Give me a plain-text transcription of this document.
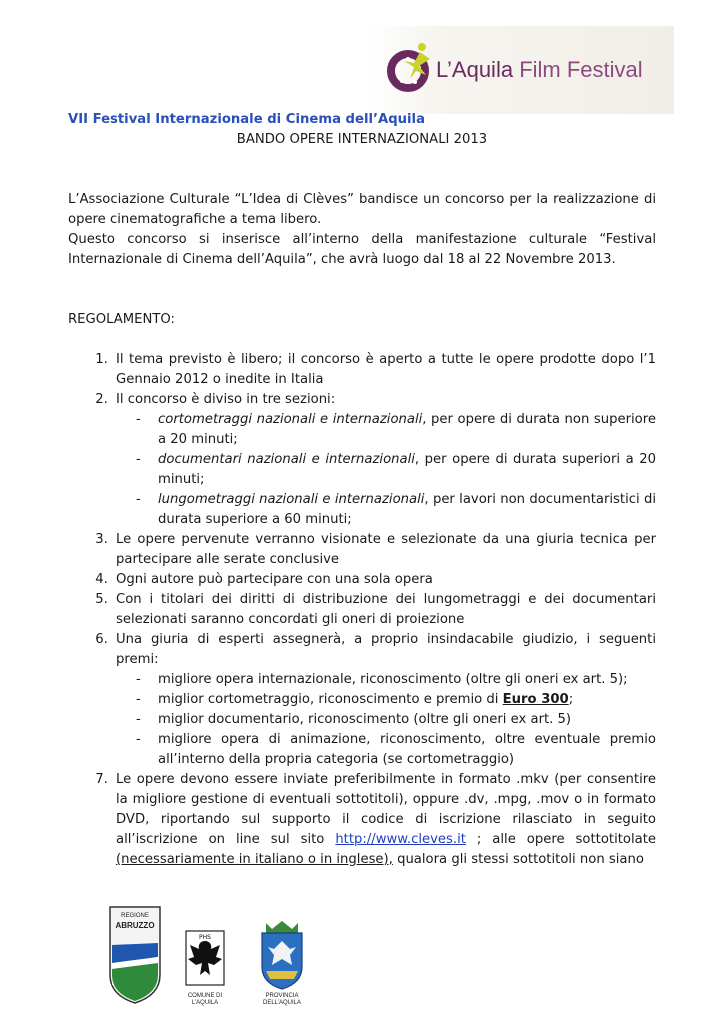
L’Aquila Film Festival
VII Festival Internazionale di Cinema dell’Aquila
BANDO OPERE INTERNAZIONALI 2013
L’Associazione Culturale “L’Idea di Clèves” bandisce un concorso per la realizzazione di opere cinematografiche a tema libero.
Questo concorso si inserisce all’interno della manifestazione culturale “Festival Internazionale di Cinema dell’Aquila”, che avrà luogo dal 18 al 22 Novembre 2013.
REGOLAMENTO:
1. Il tema previsto è libero; il concorso è aperto a tutte le opere prodotte dopo l’1 Gennaio 2012 o inedite in Italia
2. Il concorso è diviso in tre sezioni:
- cortometraggi nazionali e internazionali, per opere di durata non superiore a 20 minuti;
- documentari nazionali e internazionali, per opere di durata superiori a 20 minuti;
- lungometraggi nazionali e internazionali, per lavori non documentaristici di durata superiore a 60 minuti;
3. Le opere pervenute verranno visionate e selezionate da una giuria tecnica per partecipare alle serate conclusive
4. Ogni autore può partecipare con una sola opera
5. Con i titolari dei diritti di distribuzione dei lungometraggi e dei documentari selezionati saranno concordati gli oneri di proiezione
6. Una giuria di esperti assegnerà, a proprio insindacabile giudizio, i seguenti premi:
- migliore opera internazionale, riconoscimento (oltre gli oneri ex art. 5);
- miglior cortometraggio, riconoscimento e premio di Euro 300;
- miglior documentario, riconoscimento (oltre gli oneri ex art. 5)
- migliore opera di animazione, riconoscimento, oltre eventuale premio all’interno della propria categoria (se cortometraggio)
7. Le opere devono essere inviate preferibilmente in formato .mkv (per consentire la migliore gestione di eventuali sottotitoli), oppure .dv, .mpg, .mov o in formato DVD, riportando sul supporto il codice di iscrizione rilasciato in seguito all’iscrizione on line sul sito http://www.cleves.it ; alle opere sottotitolate (necessariamente in italiano o in inglese), qualora gli stessi sottotitoli non siano
REGIONE
ABRUZZO
PHS
COMUNE DI
L’AQUILA
PROVINCIA
DELL’AQUILA
